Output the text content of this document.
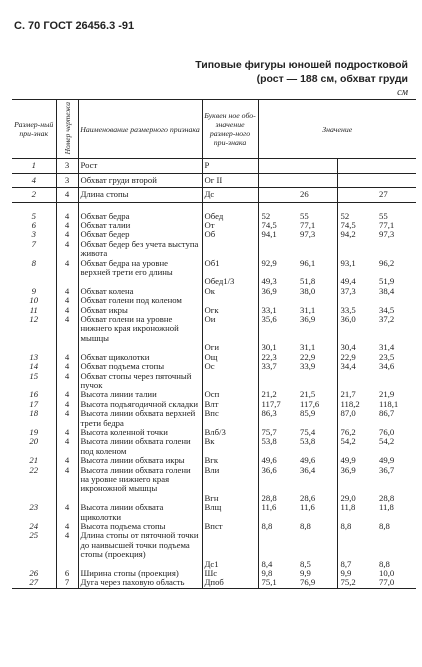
С. 70 ГОСТ 26456.3 -91
Типовые фигуры юношей подростковой
(рост — 188 см, обхват груди
см
Размер-ный при-знак	Номер чертежа	Наименование размерного признака	Буквен ное обо-значение размер-ного при-знака	Значение			
1	3	Рост	Р				
4	3	Обхват груди второй	Ог II				
2	4	Длина стопы	Дс		26		27
5	4	Обхват бедра	Обед	52	55	52	55
6	4	Обхват талии	От	74,5	77,1	74,5	77,1
3	4	Обхват бедер	Об	94,1	97,3	94,2	97,3
7	4	Обхват бедер без учета выступа живота					
8	4	Обхват бедра на уровне верхней трети его длины	Об1	92,9	96,1	93,1	96,2
			Обед1/3	49,3	51,8	49,4	51,9
9	4	Обхват колена	Ок	36,9	38,0	37,3	38,4
10	4	Обхват голени под коленом					
11	4	Обхват икры	Огк	33,1	31,1	33,5	34,5
12	4	Обхват голени на уровне нижнего края икроножной мышцы	Ои	35,6	36,9	36,0	37,2
			Оги	30,1	31,1	30,4	31,4
13	4	Обхват щиколотки	Ощ	22,3	22,9	22,9	23,5
14	4	Обхват подъема стопы	Ос	33,7	33,9	34,4	34,6
15	4	Обхват стопы через пяточный пучок					
16	4	Высота линии талии	Осп	21,2	21,5	21,7	21,9
17	4	Высота подъягодичной складки	Влт	117,7	117,6	118,2	118,1
18	4	Высота линии обхвата верхней трети бедра	Впс	86,3	85,9	87,0	86,7
19	4	Высота коленной точки	Влб/3	75,7	75,4	76,2	76,0
20	4	Высота линии обхвата голени под коленом	Вк	53,8	53,8	54,2	54,2
21	4	Высота линии обхвата икры	Вгк	49,6	49,6	49,9	49,9
22	4	Высота линии обхвата голени на уровне нижнего края икроножной мышцы	Вли	36,6	36,4	36,9	36,7
			Вгн	28,8	28,6	29,0	28,8
23	4	Высота линии обхвата щиколотки	Влщ	11,6	11,6	11,8	11,8
24	4	Высота подъема стопы	Впст	8,8	8,8	8,8	8,8
25	4	Длина стопы от пяточной точки до наивысшей точки подъема стопы (проекция)					
			Дс1	8,4	8,5	8,7	8,8
26	6	Ширина стопы (проекция)	Шс	9,8	9,9	9,9	10,0
27	7	Дуга через паховую область	Дпоб	75,1	76,9	75,2	77,0
